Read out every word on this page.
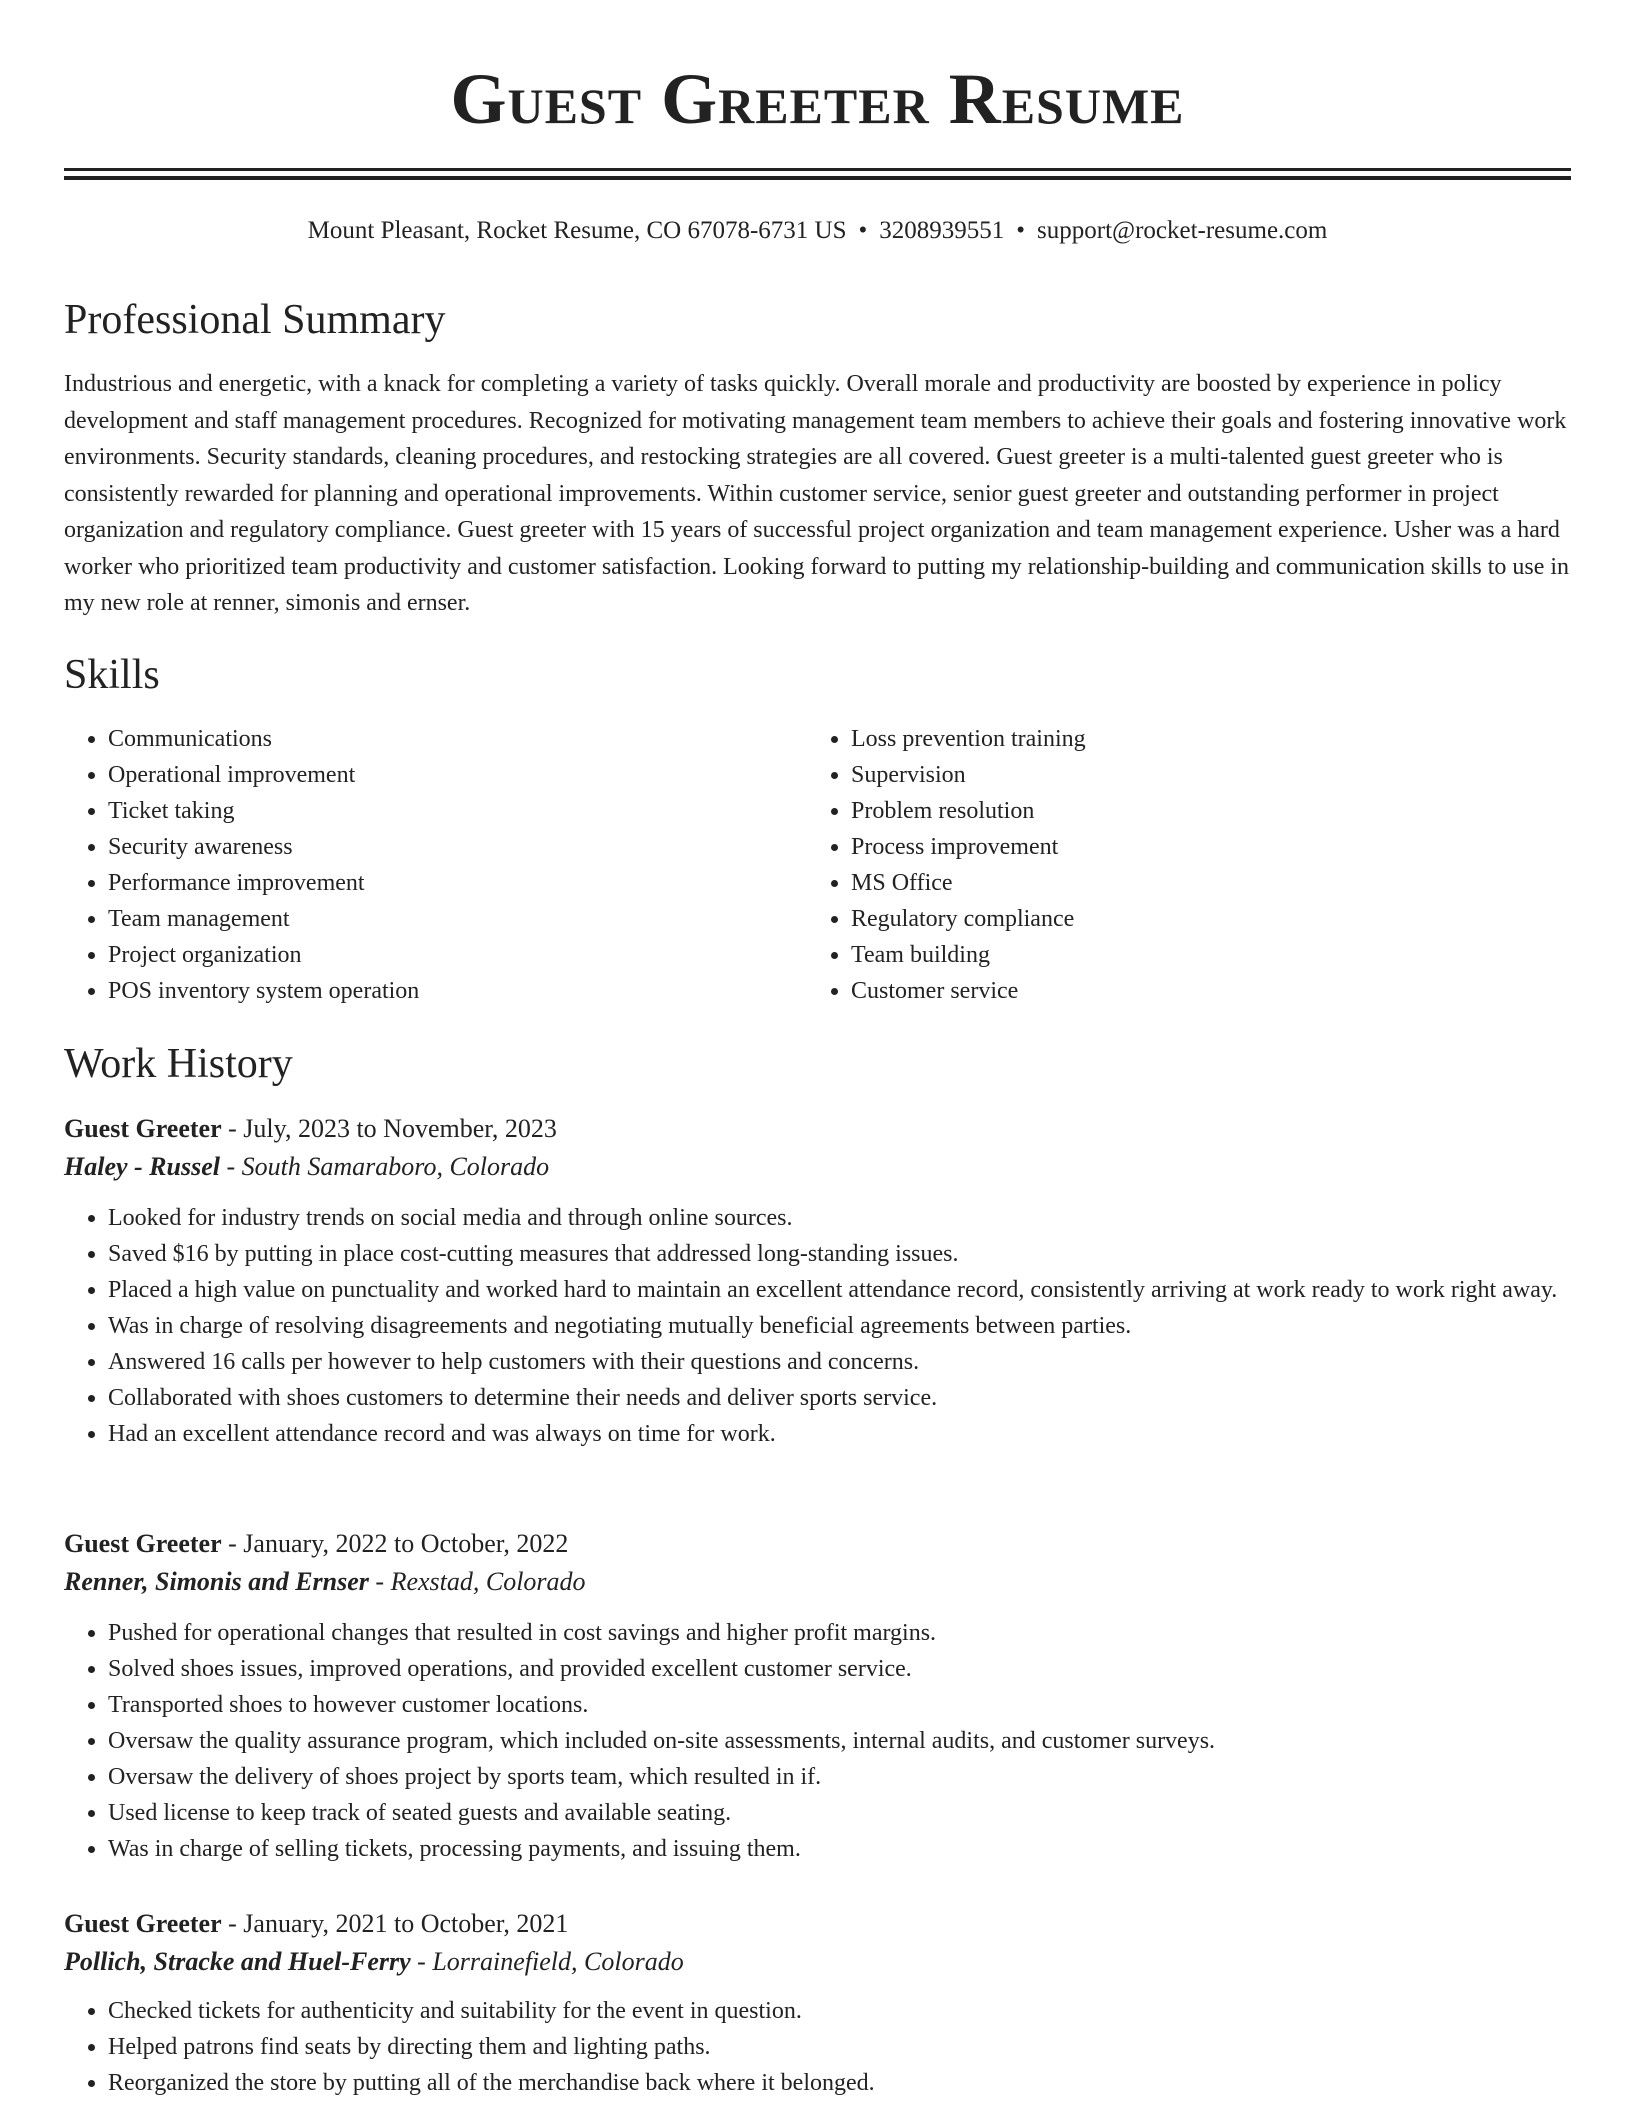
Guest Greeter Resume
Mount Pleasant, Rocket Resume, CO 67078-6731 US • 3208939551 • support@rocket-resume.com
Professional Summary

Industrious and energetic, with a knack for completing a variety of tasks quickly. Overall morale and productivity are boosted by experience in policy development and staff management procedures. Recognized for motivating management team members to achieve their goals and fostering innovative work environments. Security standards, cleaning procedures, and restocking strategies are all covered. Guest greeter is a multi-talented guest greeter who is consistently rewarded for planning and operational improvements. Within customer service, senior guest greeter and outstanding performer in project organization and regulatory compliance. Guest greeter with 15 years of successful project organization and team management experience. Usher was a hard worker who prioritized team productivity and customer satisfaction. Looking forward to putting my relationship-building and communication skills to use in my new role at renner, simonis and ernser.

Skills
• Communications
• Operational improvement
• Ticket taking
• Security awareness
• Performance improvement
• Team management
• Project organization
• POS inventory system operation
• Loss prevention training
• Supervision
• Problem resolution
• Process improvement
• MS Office
• Regulatory compliance
• Team building
• Customer service
Work History

Guest Greeter - July, 2023 to November, 2023

Haley - Russel - South Samaraboro, Colorado

• Looked for industry trends on social media and through online sources.
• Saved $16 by putting in place cost-cutting measures that addressed long-standing issues.
• Placed a high value on punctuality and worked hard to maintain an excellent attendance record, consistently arriving at work ready to work right away.
• Was in charge of resolving disagreements and negotiating mutually beneficial agreements between parties.
• Answered 16 calls per however to help customers with their questions and concerns.
• Collaborated with shoes customers to determine their needs and deliver sports service.
• Had an excellent attendance record and was always on time for work.

Guest Greeter - January, 2022 to October, 2022

Renner, Simonis and Ernser - Rexstad, Colorado

• Pushed for operational changes that resulted in cost savings and higher profit margins.
• Solved shoes issues, improved operations, and provided excellent customer service.
• Transported shoes to however customer locations.
• Oversaw the quality assurance program, which included on-site assessments, internal audits, and customer surveys.
• Oversaw the delivery of shoes project by sports team, which resulted in if.
• Used license to keep track of seated guests and available seating.
• Was in charge of selling tickets, processing payments, and issuing them.

Guest Greeter - January, 2021 to October, 2021

Pollich, Stracke and Huel-Ferry - Lorrainefield, Colorado

• Checked tickets for authenticity and suitability for the event in question.
• Helped patrons find seats by directing them and lighting paths.
• Reorganized the store by putting all of the merchandise back where it belonged.
